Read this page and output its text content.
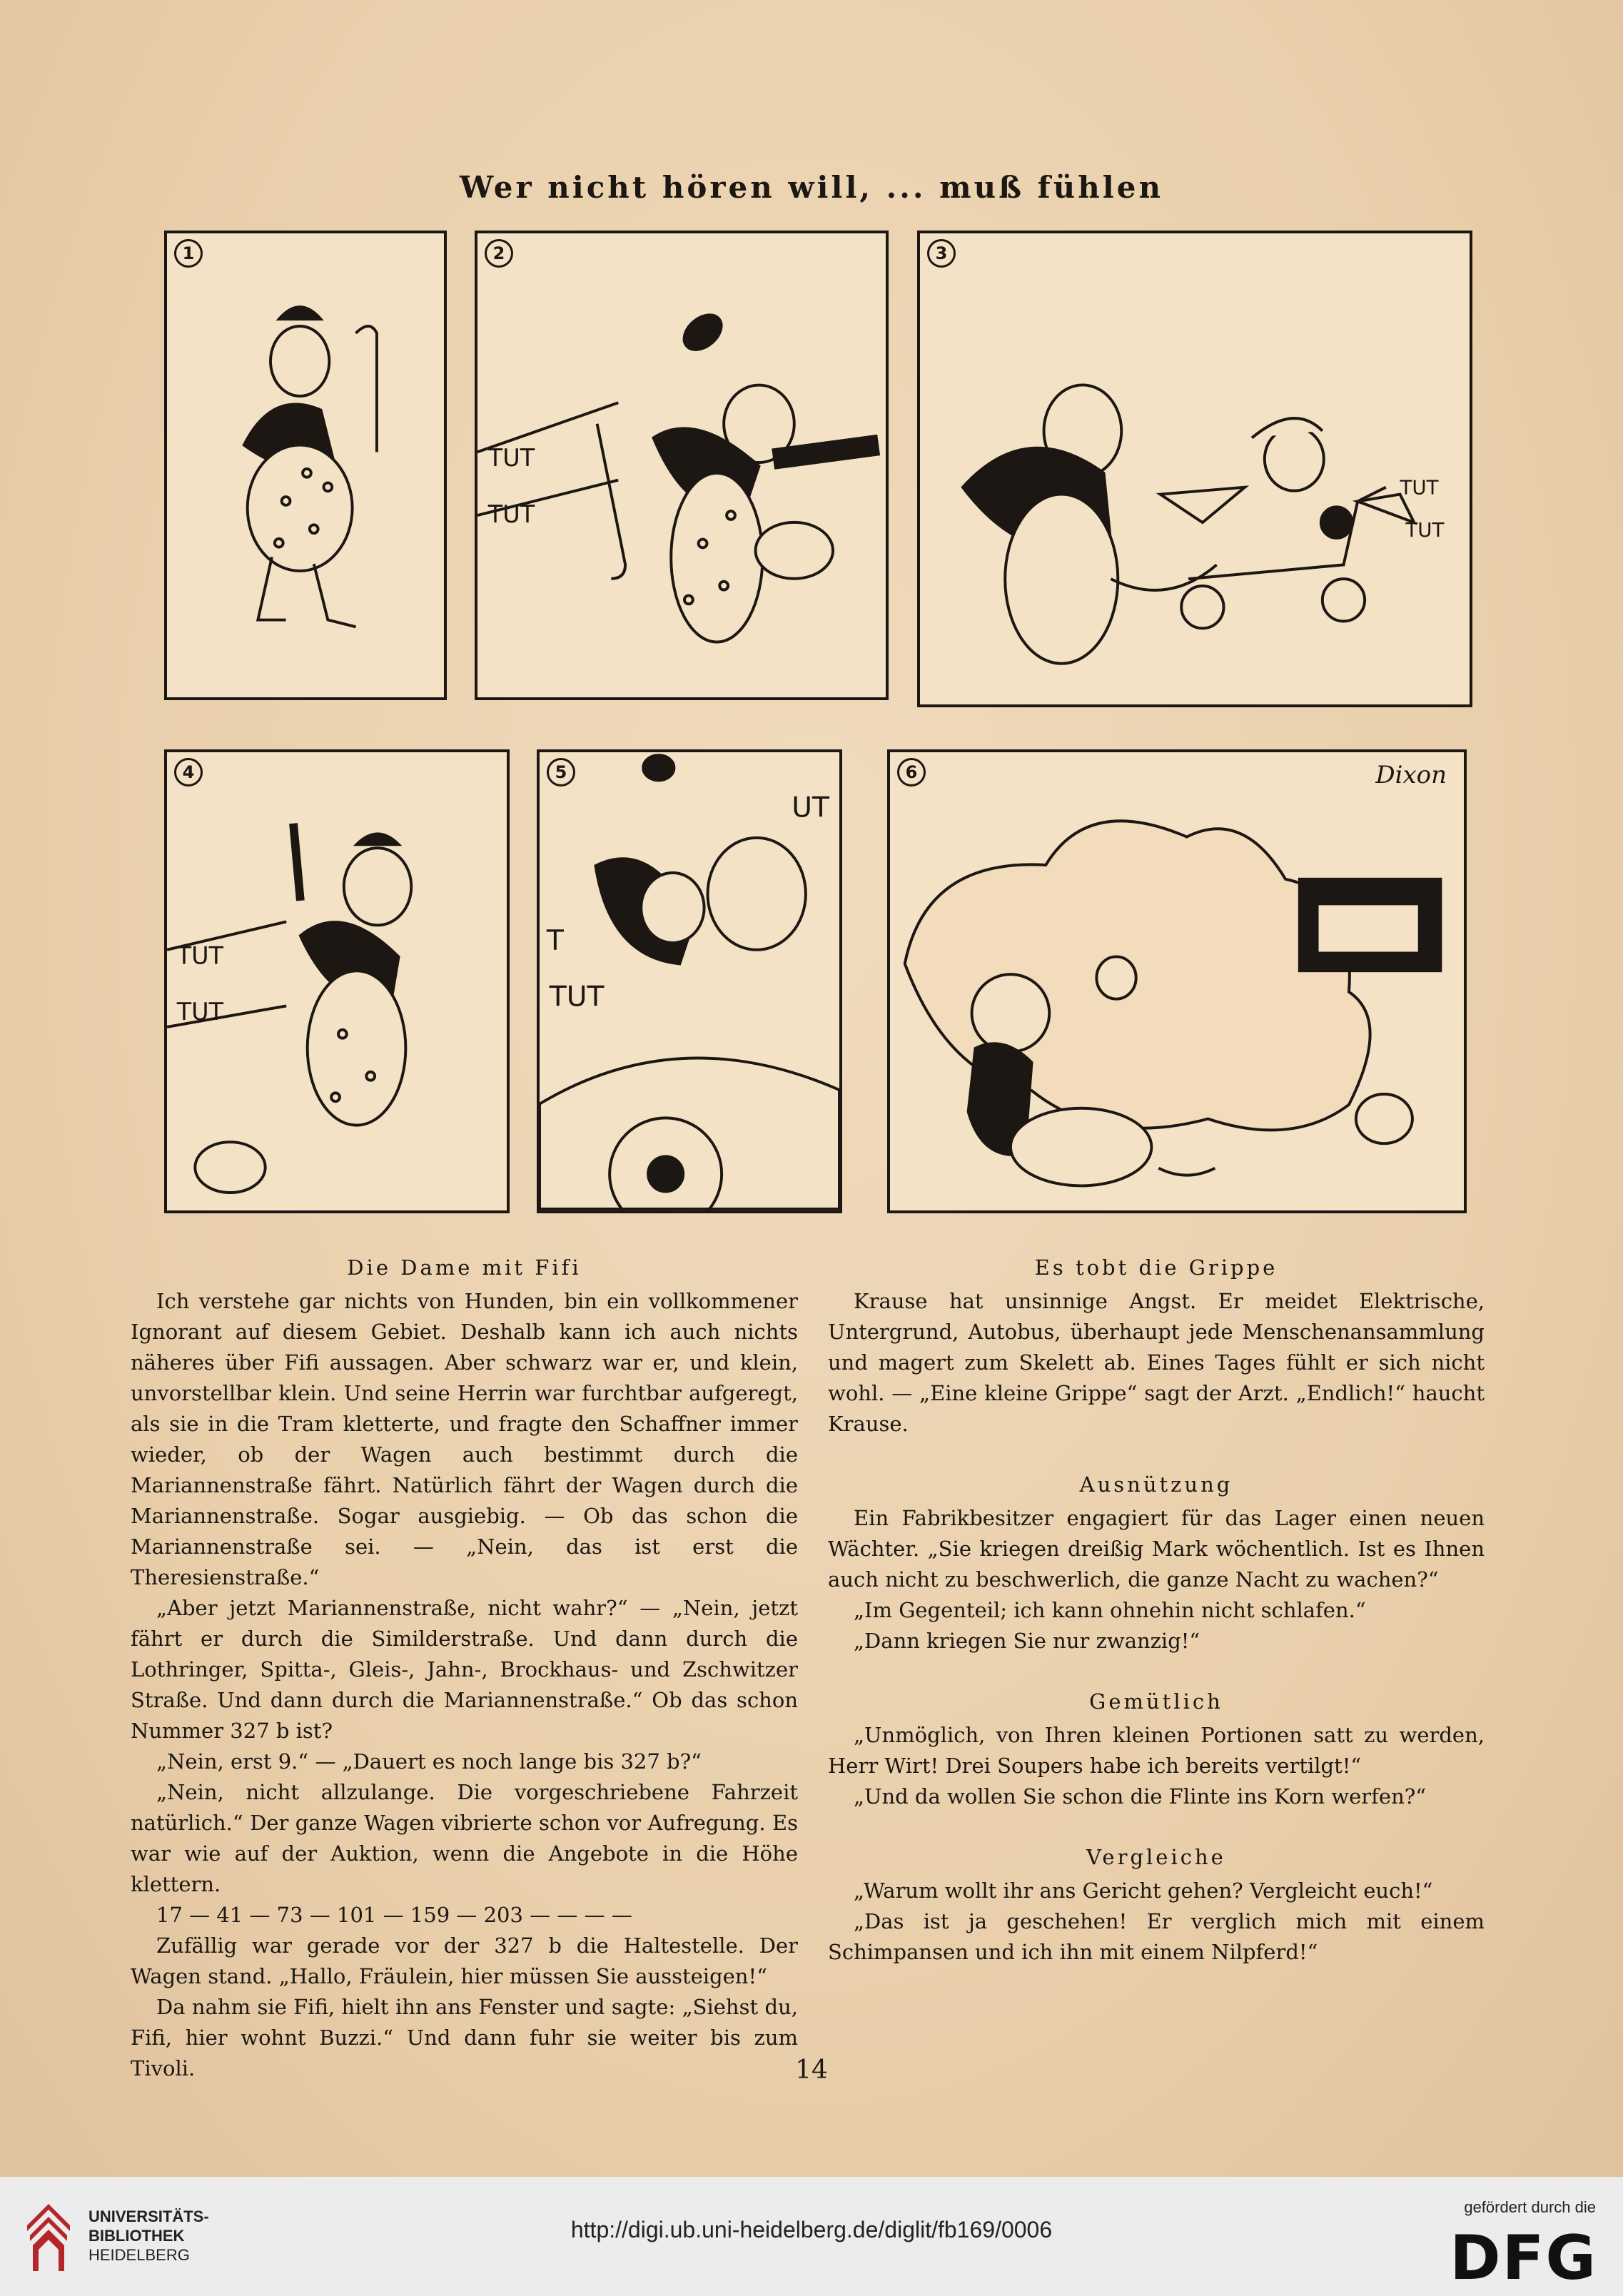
Wer nicht hören will, ... muß fühlen
1	2
TUT
TUT
3
TUT
TUT
4
TUT
TUT
5
UT
T
TUT
6	Dixon
Die Dame mit Fifi

Ich verstehe gar nichts von Hunden, bin ein vollkommener Ignorant auf diesem Gebiet. Deshalb kann ich auch nichts näheres über Fifi aussagen. Aber schwarz war er, und klein, unvorstellbar klein. Und seine Herrin war furchtbar aufgeregt, als sie in die Tram kletterte, und fragte den Schaffner immer wieder, ob der Wagen auch bestimmt durch die Mariannenstraße fährt. Natürlich fährt der Wagen durch die Mariannenstraße. Sogar ausgiebig. — Ob das schon die Mariannenstraße sei. — „Nein, das ist erst die Theresienstraße.“

„Aber jetzt Mariannenstraße, nicht wahr?“ — „Nein, jetzt fährt er durch die Similderstraße. Und dann durch die Lothringer, Spitta-, Gleis-, Jahn-, Brockhaus- und Zschwitzer Straße. Und dann durch die Mariannenstraße.“ Ob das schon Nummer 327 b ist?

„Nein, erst 9.“ — „Dauert es noch lange bis 327 b?“

„Nein, nicht allzulange. Die vorgeschriebene Fahrzeit natürlich.“ Der ganze Wagen vibrierte schon vor Aufregung. Es war wie auf der Auktion, wenn die Angebote in die Höhe klettern.

17 — 41 — 73 — 101 — 159 — 203 — — — —

Zufällig war gerade vor der 327 b die Haltestelle. Der Wagen stand. „Hallo, Fräulein, hier müssen Sie aussteigen!“

Da nahm sie Fifi, hielt ihn ans Fenster und sagte: „Siehst du, Fifi, hier wohnt Buzzi.“ Und dann fuhr sie weiter bis zum Tivoli.

Es tobt die Grippe

Krause hat unsinnige Angst. Er meidet Elektrische, Untergrund, Autobus, überhaupt jede Menschenansammlung und magert zum Skelett ab. Eines Tages fühlt er sich nicht wohl. — „Eine kleine Grippe“ sagt der Arzt. „Endlich!“ haucht Krause.

Ausnützung

Ein Fabrikbesitzer engagiert für das Lager einen neuen Wächter. „Sie kriegen dreißig Mark wöchentlich. Ist es Ihnen auch nicht zu beschwerlich, die ganze Nacht zu wachen?“

„Im Gegenteil; ich kann ohnehin nicht schlafen.“

„Dann kriegen Sie nur zwanzig!“

Gemütlich

„Unmöglich, von Ihren kleinen Portionen satt zu werden, Herr Wirt! Drei Soupers habe ich bereits vertilgt!“

„Und da wollen Sie schon die Flinte ins Korn werfen?“

Vergleiche

„Warum wollt ihr ans Gericht gehen? Vergleicht euch!“

„Das ist ja geschehen! Er verglich mich mit einem Schimpansen und ich ihn mit einem Nilpferd!“

14
UNIVERSITÄTS-
BIBLIOTHEK
HEIDELBERG
http://digi.ub.uni-heidelberg.de/diglit/fb169/0006
gefördert durch die
DFG
